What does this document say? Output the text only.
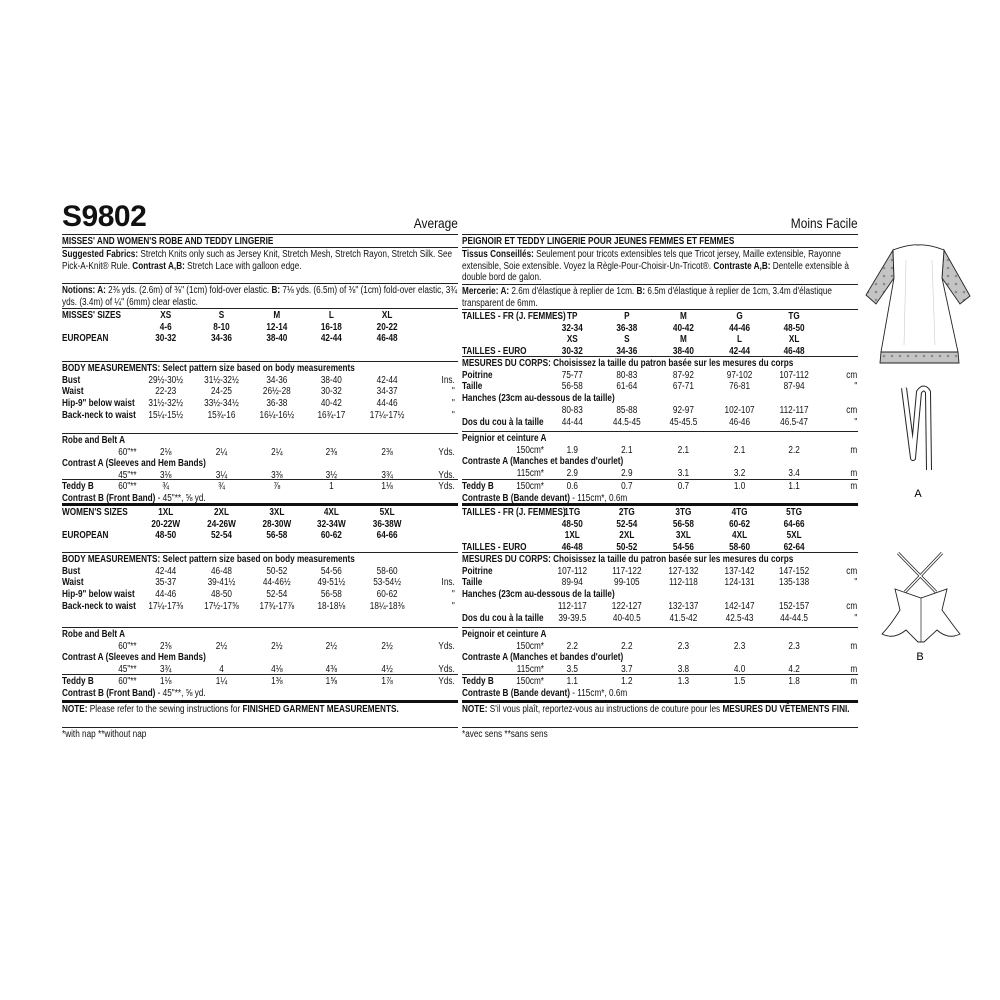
S9802	Average	Moins Facile
MISSES' AND WOMEN'S ROBE AND TEDDY LINGERIE
Suggested Fabrics: Stretch Knits only such as Jersey Knit, Stretch Mesh, Stretch Rayon, Stretch Silk. See Pick-A-Knit® Rule. Contrast A,B: Stretch Lace with galloon edge.
Notions: A: 2⅜ yds. (2.6m) of ⅜" (1cm) fold-over elastic. B: 7⅛ yds. (6.5m) of ⅜" (1cm) fold-over elastic, 3¾ yds. (3.4m) of ¼" (6mm) clear elastic.
MISSES' SIZES	XS	S	M	L	XL
4-6	8-10	12-14	16-18	20-22
EUROPEAN	30-32	34-36	38-40	42-44	46-48
BODY MEASUREMENTS: Select pattern size based on body measurements
Bust	29½-30½	31½-32½	34-36	38-40	42-44	Ins.
Waist	22-23	24-25	26½-28	30-32	34-37	"
Hip-9" below waist	31½-32½	33½-34½	36-38	40-42	44-46	"
Back-neck to waist	15¼-15½	15¾-16	16¼-16½	16¾-17	17¼-17½	"
Robe and Belt A
60"**	2⅛	2¼	2¼	2⅜	2⅜	Yds.
Contrast A (Sleeves and Hem Bands)
45"**	3⅛	3¼	3⅜	3½	3¾	Yds.
Teddy B 60"**	¾	¾	⅞	1	1⅛	Yds.
Contrast B (Front Band) - 45"**, ⅝ yd.
WOMEN'S SIZES	1XL	2XL	3XL	4XL	5XL
20-22W	24-26W	28-30W	32-34W	36-38W
EUROPEAN	48-50	52-54	56-58	60-62	64-66
BODY MEASUREMENTS: Select pattern size based on body measurements
Bust	42-44	46-48	50-52	54-56	58-60
Waist	35-37	39-41½	44-46½	49-51½	53-54½	Ins.
Hip-9" below waist	44-46	48-50	52-54	56-58	60-62	"
Back-neck to waist	17¼-17⅜	17½-17⅝	17¾-17⅞	18-18⅛	18¼-18⅜	"
Robe and Belt A
60"**	2⅜	2½	2½	2½	2½	Yds.
Contrast A (Sleeves and Hem Bands)
45"**	3¾	4	4⅛	4⅜	4½	Yds.
Teddy B 60"**	1⅛	1¼	1⅜	1⅝	1⅞	Yds.
Contrast B (Front Band) - 45"**, ⅝ yd.
NOTE: Please refer to the sewing instructions for FINISHED GARMENT MEASUREMENTS.
*with nap **without nap
PEIGNOIR ET TEDDY LINGERIE POUR JEUNES FEMMES ET FEMMES
Tissus Conseillés: Seulement pour tricots extensibles tels que Tricot jersey, Maille extensible, Rayonne extensible, Soie extensible. Voyez la Règle-Pour-Choisir-Un-Tricot®. Contraste A,B: Dentelle extensible à double bord de galon.
Mercerie: A: 2.6m d'élastique à replier de 1cm. B: 6.5m d'élastique à replier de 1cm, 3.4m d'élastique transparent de 6mm.
TAILLES - FR (J. FEMMES) TP	P	M	G	TG
32-34	36-38	40-42	44-46	48-50
XS	S	M	L	XL
TAILLES - EURO	30-32	34-36	38-40	42-44	46-48
MESURES DU CORPS: Choisissez la taille du patron basée sur les mesures du corps
Poitrine	75-77	80-83	87-92	97-102	107-112	cm
Taille	56-58	61-64	67-71	76-81	87-94	"
Hanches (23cm au-dessous de la taille)
80-83	85-88	92-97	102-107	112-117	cm
Dos du cou à la taille	44-44	44.5-45	45-45.5	46-46	46.5-47	"
Peignior et ceinture A
150cm*	1.9	2.1	2.1	2.1	2.2	m
Contraste A (Manches et bandes d'ourlet)
115cm*	2.9	2.9	3.1	3.2	3.4	m
Teddy B 150cm*	0.6	0.7	0.7	1.0	1.1	m
Contraste B (Bande devant) - 115cm*, 0.6m
TAILLES - FR (J. FEMMES)
1TG	2TG	3TG	4TG	5TG
48-50	52-54	56-58	60-62	64-66
1XL	2XL	3XL	4XL	5XL
TAILLES - EURO	46-48	50-52	54-56	58-60	62-64
MESURES DU CORPS: Choisissez la taille du patron basée sur les mesures du corps
Poitrine	107-112	117-122	127-132	137-142	147-152	cm
Taille	89-94	99-105	112-118	124-131	135-138	"
Hanches (23cm au-dessous de la taille)
112-117	122-127	132-137	142-147	152-157	cm
Dos du cou à la taille	39-39.5	40-40.5	41.5-42	42.5-43	44-44.5	"
Peignoir et ceinture A
150cm*	2.2	2.2	2.3	2.3	2.3	m
Contraste A (Manches et bandes d'ourlet)
115cm*	3.5	3.7	3.8	4.0	4.2	m
Teddy B 150cm*	1.1	1.2	1.3	1.5	1.8	m
Contraste B (Bande devant) - 115cm*, 0.6m
NOTE: S'il vous plaît, reportez-vous au instructions de couture pour les MESURES DU VÊTEMENTS FINI.
*avec sens **sans sens
A
B
